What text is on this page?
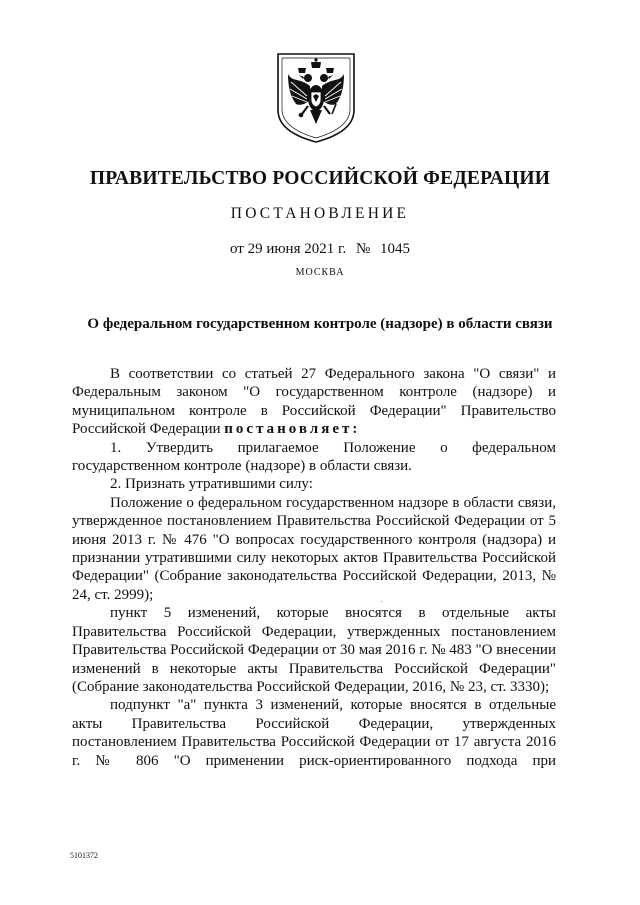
ПРАВИТЕЛЬСТВО РОССИЙСКОЙ ФЕДЕРАЦИИ
ПОСТАНОВЛЕНИЕ
от 29 июня 2021 г. № 1045
МОСКВА
О федеральном государственном контроле (надзоре) в области связи

В соответствии со статьей 27 Федерального закона "О связи" и Федеральным законом "О государственном контроле (надзоре) и муниципальном контроле в Российской Федерации" Правительство Российской Федерации постановляет:

1. Утвердить прилагаемое Положение о федеральном государственном контроле (надзоре) в области связи.

2. Признать утратившими силу:

Положение о федеральном государственном надзоре в области связи, утвержденное постановлением Правительства Российской Федерации от 5 июня 2013 г. № 476 "О вопросах государственного контроля (надзора) и признании утратившими силу некоторых актов Правительства Российской Федерации" (Собрание законодательства Российской Федерации, 2013, № 24, ст. 2999);

пункт 5 изменений, которые вносятся в отдельные акты Правительства Российской Федерации, утвержденных постановлением Правительства Российской Федерации от 30 мая 2016 г. № 483 "О внесении изменений в некоторые акты Правительства Российской Федерации" (Собрание законодательства Российской Федерации, 2016, № 23, ст. 3330);

подпункт "а" пункта 3 изменений, которые вносятся в отдельные акты Правительства Российской Федерации, утвержденных постановлением Правительства Российской Федерации от 17 августа 2016 г. № 806 "О применении риск-ориентированного подхода при

5101372
